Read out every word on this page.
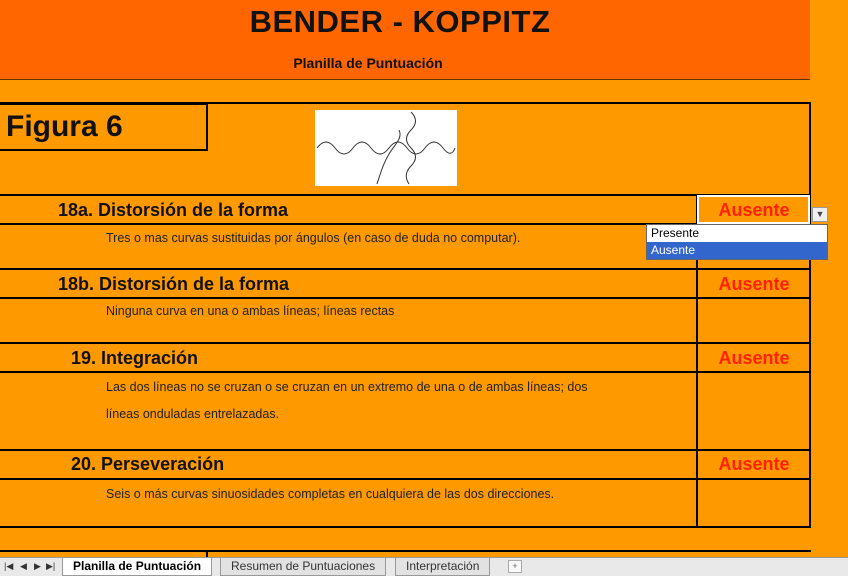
BENDER - KOPPITZ
Planilla de Puntuación
Figura 6
18a. Distorsión de la forma	Ausente	▼
Tres o mas curvas sustituidas por ángulos (en caso de duda no computar).
18b. Distorsión de la forma	Ausente
Ninguna curva en una o ambas líneas; líneas rectas
19. Integración	Ausente
Las dos líneas no se cruzan o se cruzan en un extremo de una o de ambas líneas; dos
líneas onduladas entrelazadas.
20. Perseveración	Ausente
Seis o más curvas sinuosidades completas en cualquiera de las dos direcciones.
Presente
Ausente
|◀ ◀ ▶ ▶|	Planilla de Puntuación	Resumen de Puntuaciones	Interpretación	+
